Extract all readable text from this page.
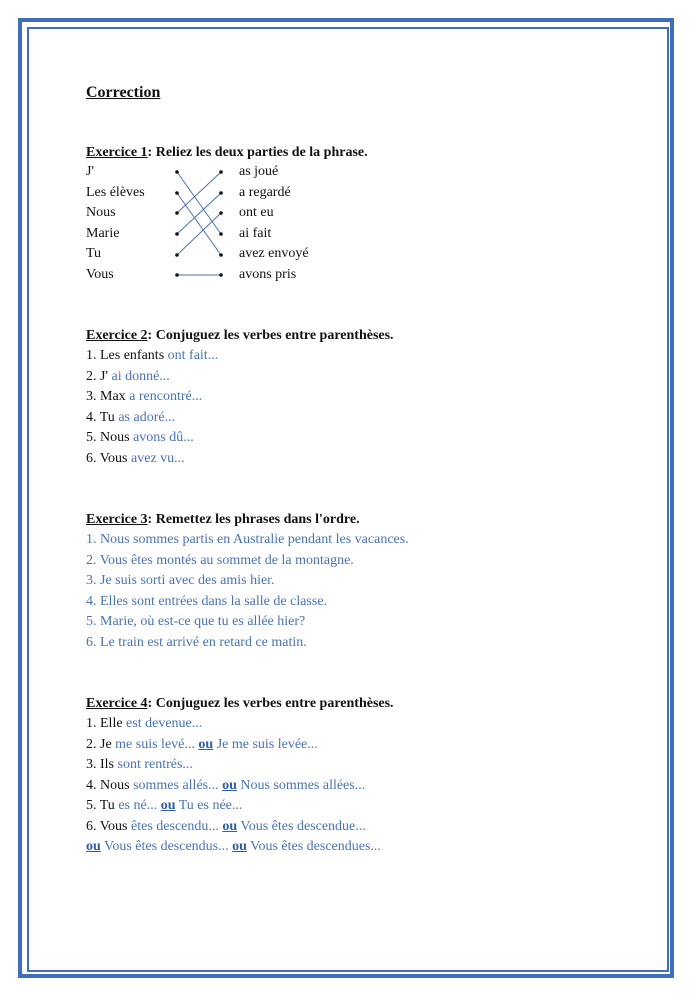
Correction
Exercice 1: Reliez les deux parties de la phrase.
J'
Les élèves
Nous
Marie
Tu
Vous
as joué
a regardé
ont eu
ai fait
avez envoyé
avons pris
Exercice 2: Conjuguez les verbes entre parenthèses.
1. Les enfants ont fait...
2. J' ai donné...
3. Max a rencontré...
4. Tu as adoré...
5. Nous avons dû...
6. Vous avez vu...
Exercice 3: Remettez les phrases dans l'ordre.
1. Nous sommes partis en Australie pendant les vacances.
2. Vous êtes montés au sommet de la montagne.
3. Je suis sorti avec des amis hier.
4. Elles sont entrées dans la salle de classe.
5. Marie, où est-ce que tu es allée hier?
6. Le train est arrivé en retard ce matin.
Exercice 4: Conjuguez les verbes entre parenthèses.
1. Elle est devenue...
2. Je me suis levé... ou Je me suis levée...
3. Ils sont rentrés...
4. Nous sommes allés... ou Nous sommes allées...
5. Tu es né... ou Tu es née...
6. Vous êtes descendu... ou Vous êtes descendue...
ou Vous êtes descendus... ou Vous êtes descendues...
